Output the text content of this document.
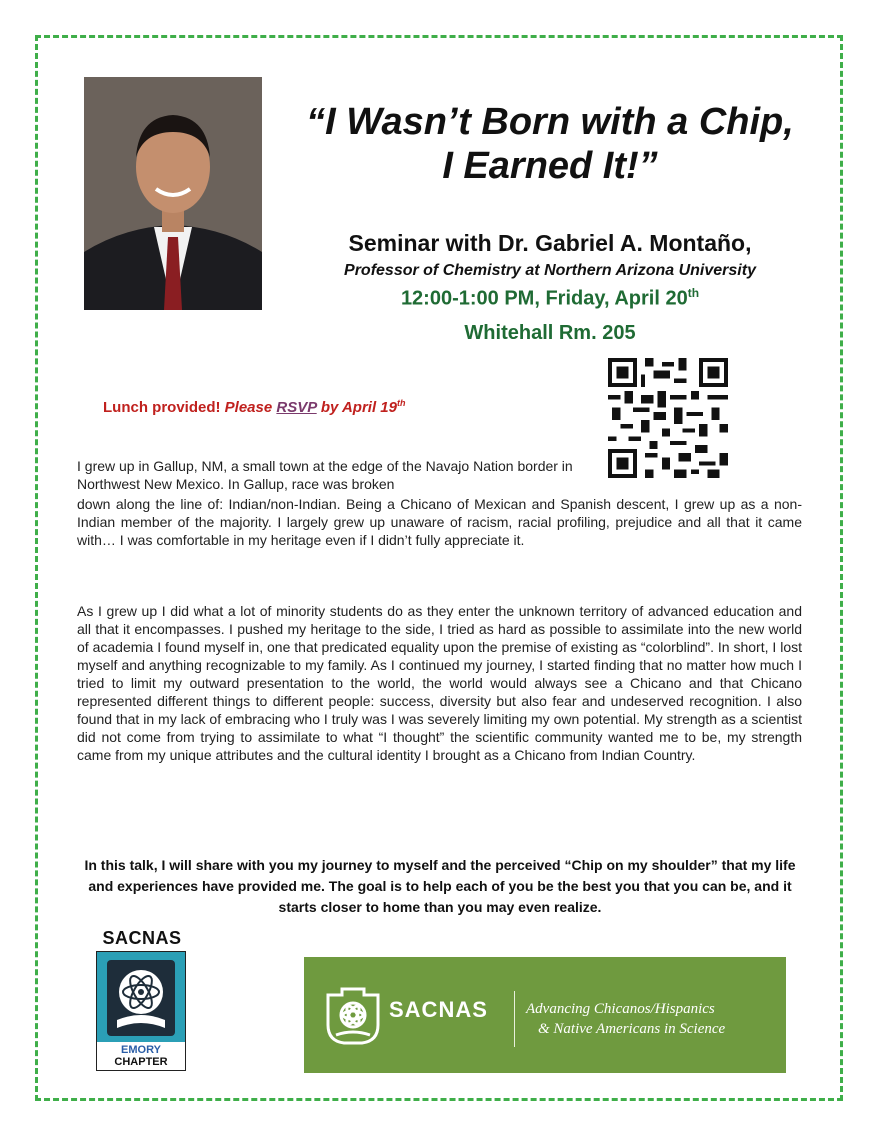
“I Wasn’t Born with a Chip,
I Earned It!”
Seminar with Dr. Gabriel A. Montaño,
Professor of Chemistry at Northern Arizona University
12:00-1:00 PM, Friday, April 20th
Whitehall Rm. 205
Lunch provided! Please RSVP by April 19th

I grew up in Gallup, NM, a small town at the edge of the Navajo Nation border in Northwest New Mexico. In Gallup, race was broken

down along the line of: Indian/non-Indian. Being a Chicano of Mexican and Spanish descent, I grew up as a non-Indian member of the majority. I largely grew up unaware of racism, racial profiling, prejudice and all that it came with… I was comfortable in my heritage even if I didn’t fully appreciate it.

As I grew up I did what a lot of minority students do as they enter the unknown territory of advanced education and all that it encompasses. I pushed my heritage to the side, I tried as hard as possible to assimilate into the new world of academia I found myself in, one that predicated equality upon the premise of existing as “colorblind”. In short, I lost myself and anything recognizable to my family. As I continued my journey, I started finding that no matter how much I tried to limit my outward presentation to the world, the world would always see a Chicano and that Chicano represented different things to different people: success, diversity but also fear and undeserved recognition. I also found that in my lack of embracing who I truly was I was severely limiting my own potential. My strength as a scientist did not come from trying to assimilate to what “I thought” the scientific community wanted me to be, my strength came from my unique attributes and the cultural identity I brought as a Chicano from Indian Country.

In this talk, I will share with you my journey to myself and the perceived “Chip on my shoulder” that my life and experiences have provided me. The goal is to help each of you be the best you that you can be, and it starts closer to home than you may even realize.

SACNAS
EMORY
CHAPTER
SACNAS	Advancing Chicanos/Hispanics
& Native Americans in Science
